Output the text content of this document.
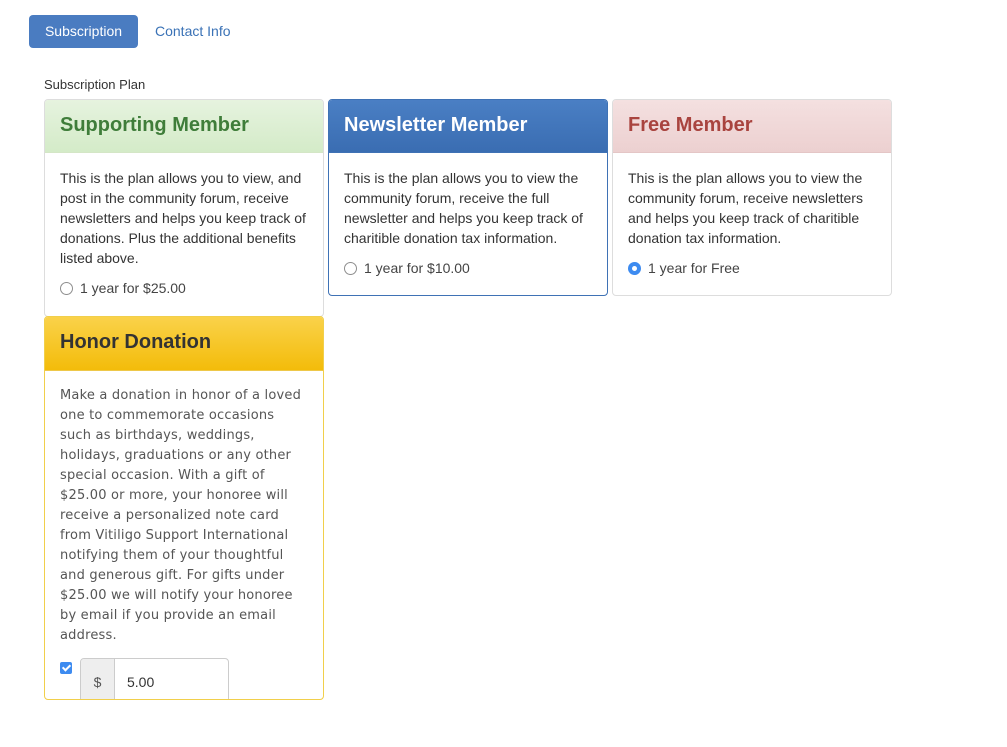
Subscription	Contact Info
Subscription Plan
Supporting Member

This is the plan allows you to view, and post in the community forum, receive newsletters and helps you keep track of donations. Plus the additional benefits listed above.

1 year for $25.00
Newsletter Member

This is the plan allows you to view the community forum, receive the full newsletter and helps you keep track of charitible donation tax information.

1 year for $10.00
Free Member

This is the plan allows you to view the community forum, receive newsletters and helps you keep track of charitible donation tax information.

1 year for Free
Honor Donation

Make a donation in honor of a loved one to commemorate occasions such as birthdays, weddings, holidays, graduations or any other special occasion. With a gift of $25.00 or more, your honoree will receive a personalized note card from Vitiligo Support International notifying them of your thoughtful and generous gift. For gifts under $25.00 we will notify your honoree by email if you provide an email address.

$	5.00
